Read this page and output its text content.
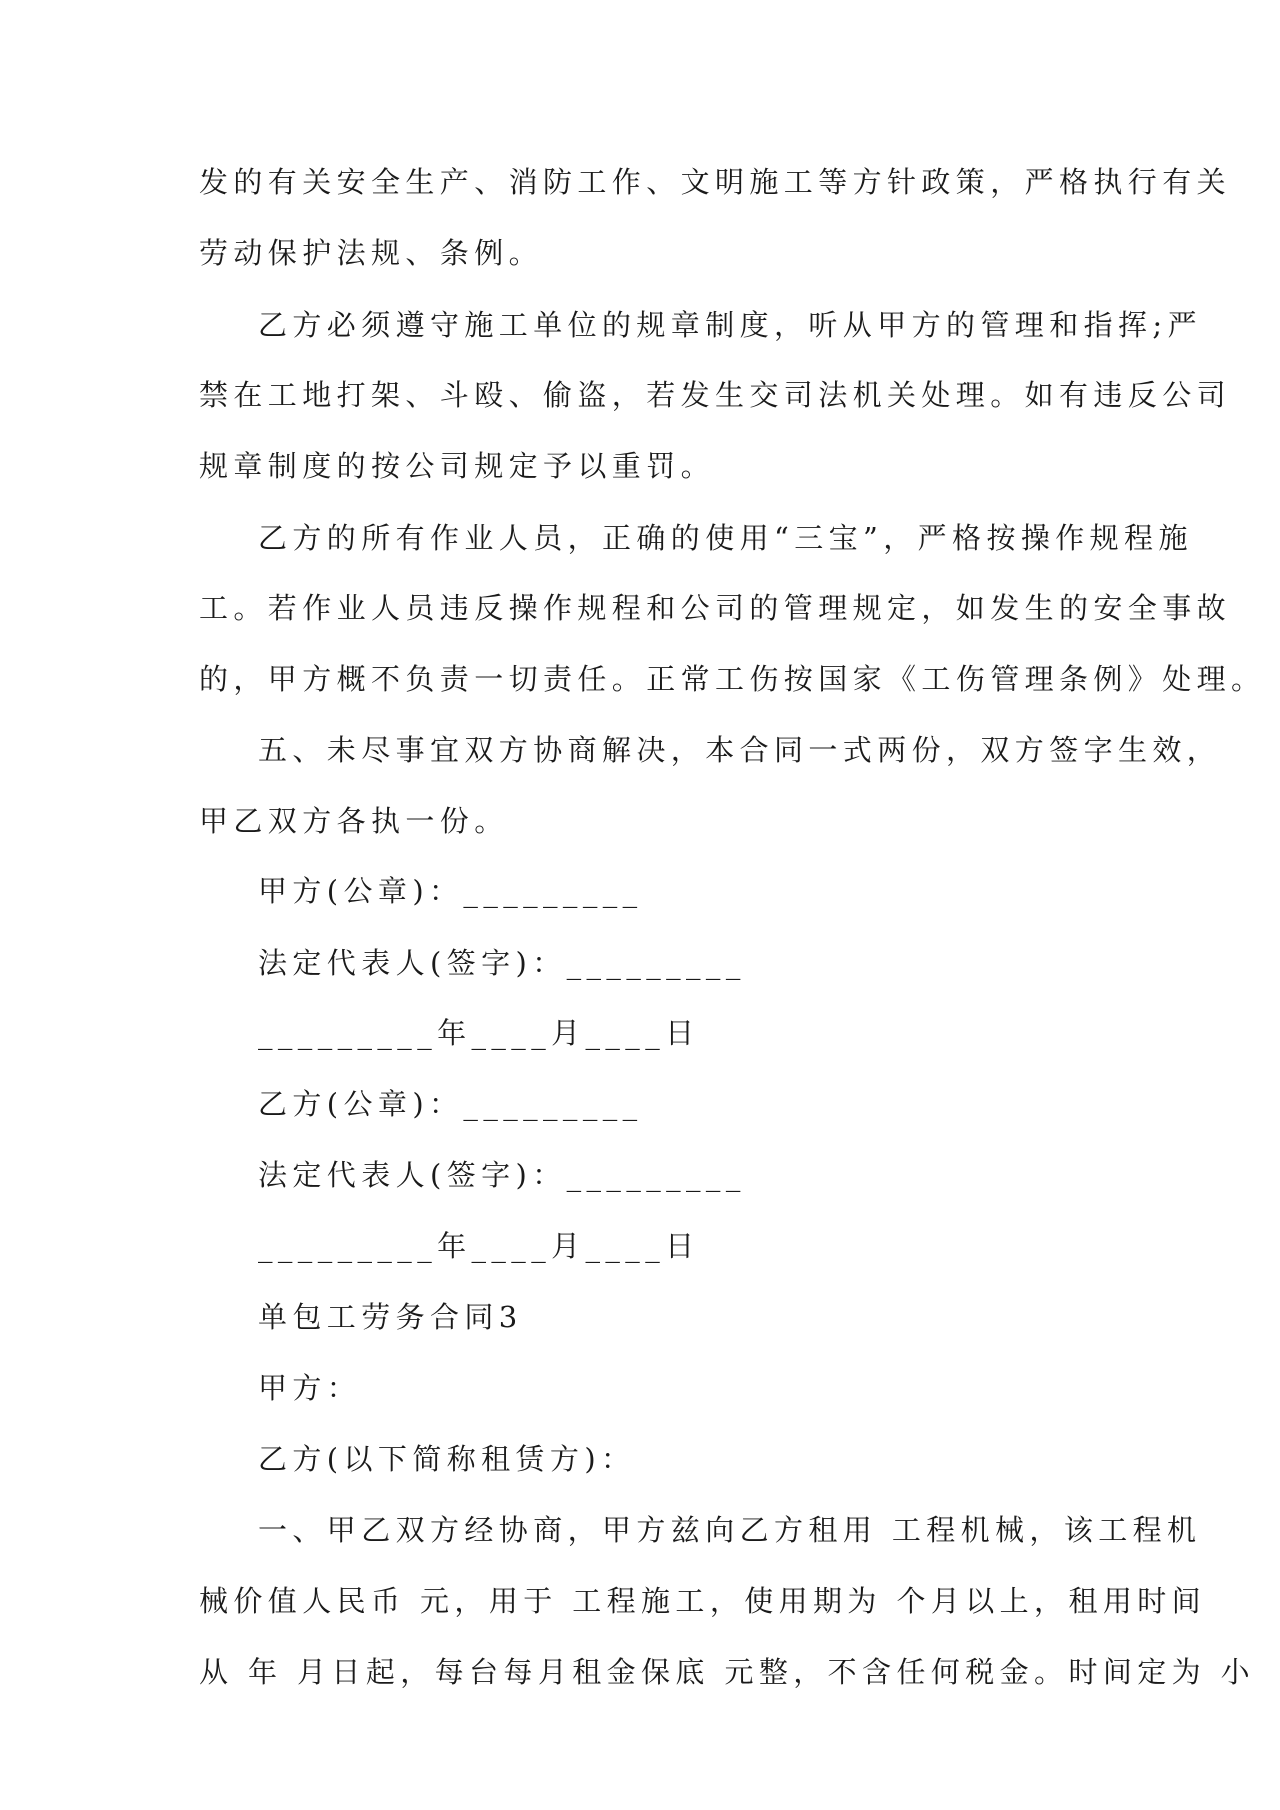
发的有关安全生产、消防工作、文明施工等方针政策，严格执行有关
劳动保护法规、条例。
乙方必须遵守施工单位的规章制度，听从甲方的管理和指挥;严
禁在工地打架、斗殴、偷盗，若发生交司法机关处理。如有违反公司
规章制度的按公司规定予以重罚。
乙方的所有作业人员，正确的使用“三宝”，严格按操作规程施
工。若作业人员违反操作规程和公司的管理规定，如发生的安全事故
的，甲方概不负责一切责任。正常工伤按国家《工伤管理条例》处理。
五、未尽事宜双方协商解决，本合同一式两份，双方签字生效，
甲乙双方各执一份。
甲方(公章)：_________
法定代表人(签字)：_________
_________年____月____日
乙方(公章)：_________
法定代表人(签字)：_________
_________年____月____日
单包工劳务合同3
甲方：
乙方(以下简称租赁方)：
一、甲乙双方经协商，甲方兹向乙方租用 工程机械，该工程机
械价值人民币 元，用于 工程施工，使用期为 个月以上，租用时间
从 年 月日起，每台每月租金保底 元整，不含任何税金。时间定为 小
